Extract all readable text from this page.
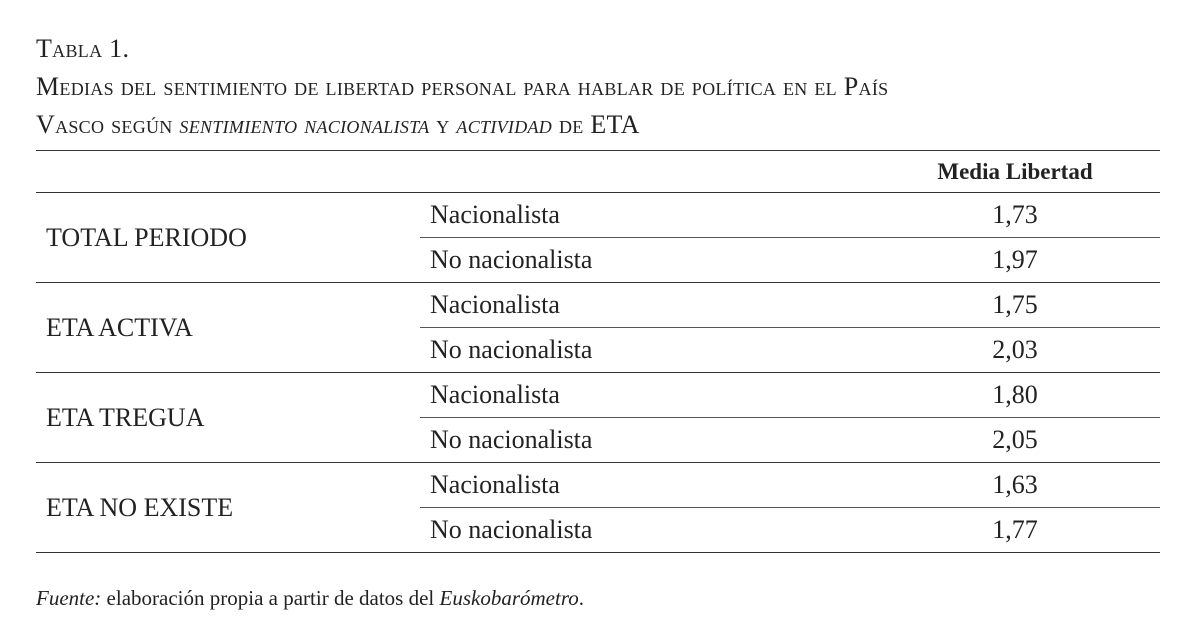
Tabla 1.
Medias del sentimiento de libertad personal para hablar de política en el País
Vasco según sentimiento nacionalista y actividad de ETA
		Media Libertad
TOTAL PERIODO	Nacionalista	1,73
	No nacionalista	1,97
ETA ACTIVA	Nacionalista	1,75
	No nacionalista	2,03
ETA TREGUA	Nacionalista	1,80
	No nacionalista	2,05
ETA NO EXISTE	Nacionalista	1,63
	No nacionalista	1,77
Fuente: elaboración propia a partir de datos del Euskobarómetro.
